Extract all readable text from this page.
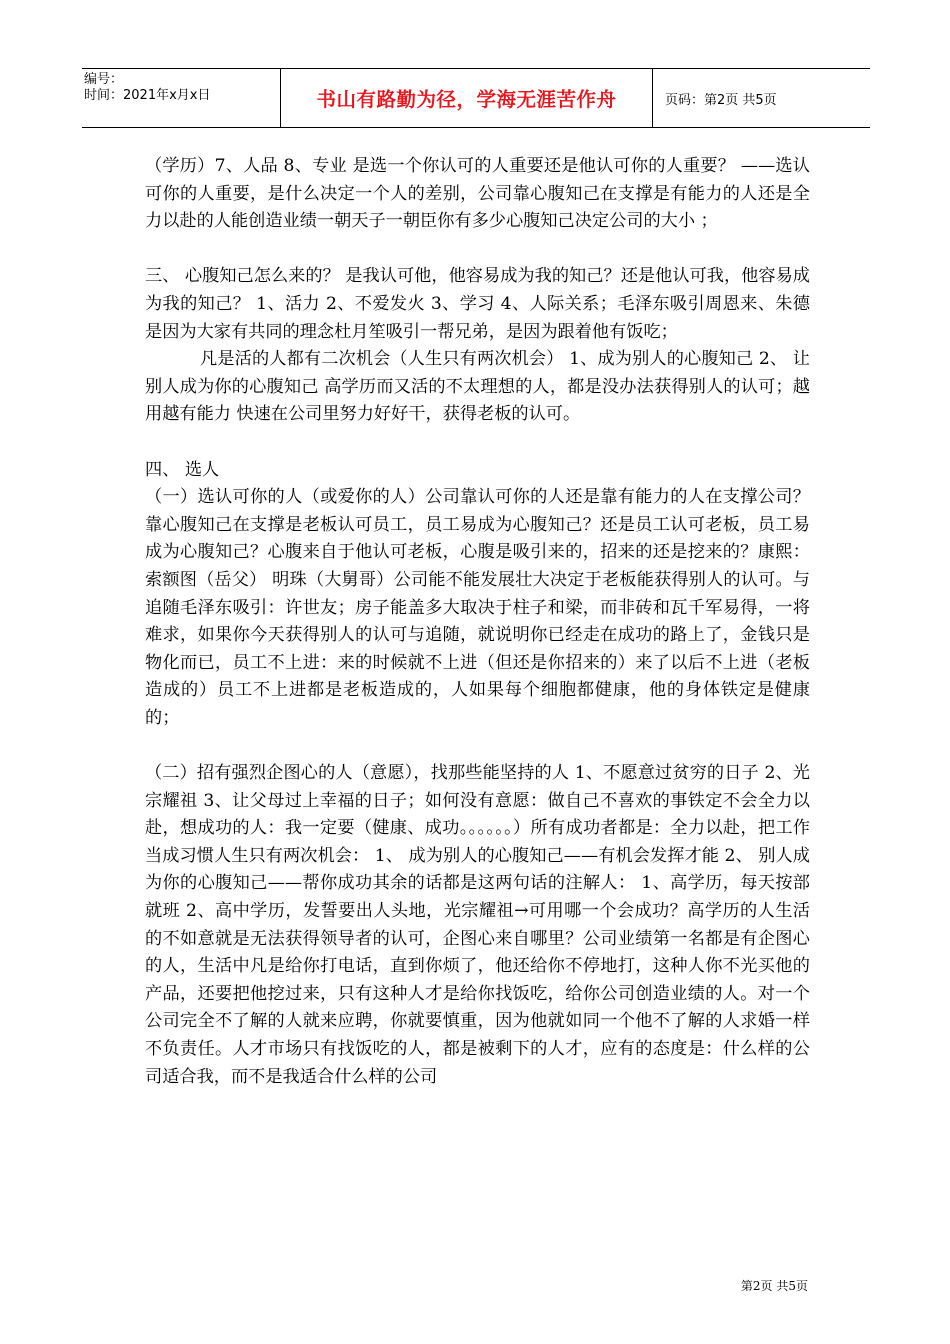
编号：
时间：2021年x月x日	书山有路勤为径，学海无涯苦作舟	页码：第2页 共5页

（学历）7、人品 8、专业 是选一个你认可的人重要还是他认可你的人重要？ ——选认可你的人重要，是什么决定一个人的差别，公司靠心腹知己在支撑是有能力的人还是全力以赴的人能创造业绩一朝天子一朝臣你有多少心腹知己决定公司的大小 ；

三、 心腹知己怎么来的？ 是我认可他，他容易成为我的知己？还是他认可我，他容易成为我的知己？ 1、活力 2、不爱发火 3、学习 4、人际关系；毛泽东吸引周恩来、朱德是因为大家有共同的理念杜月笙吸引一帮兄弟，是因为跟着他有饭吃；

凡是活的人都有二次机会（人生只有两次机会） 1、成为别人的心腹知己 2、 让别人成为你的心腹知己 高学历而又活的不太理想的人，都是没办法获得别人的认可；越用越有能力 快速在公司里努力好好干，获得老板的认可。

四、 选人

（一）选认可你的人（或爱你的人）公司靠认可你的人还是靠有能力的人在支撑公司？靠心腹知己在支撑是老板认可员工，员工易成为心腹知己？还是员工认可老板，员工易成为心腹知己？心腹来自于他认可老板，心腹是吸引来的，招来的还是挖来的？康熙：索额图（岳父） 明珠（大舅哥）公司能不能发展壮大决定于老板能获得别人的认可。与追随毛泽东吸引：许世友；房子能盖多大取决于柱子和梁，而非砖和瓦千军易得，一将难求，如果你今天获得别人的认可与追随，就说明你已经走在成功的路上了，金钱只是物化而已，员工不上进：来的时候就不上进（但还是你招来的）来了以后不上进（老板造成的）员工不上进都是老板造成的，人如果每个细胞都健康，他的身体铁定是健康的；

（二）招有强烈企图心的人（意愿），找那些能坚持的人 1、不愿意过贫穷的日子 2、光宗耀祖 3、让父母过上幸福的日子；如何没有意愿：做自己不喜欢的事铁定不会全力以赴，想成功的人：我一定要（健康、成功。。。。。。）所有成功者都是：全力以赴，把工作当成习惯人生只有两次机会： 1、 成为别人的心腹知己——有机会发挥才能 2、 别人成为你的心腹知己——帮你成功其余的话都是这两句话的注解人： 1、高学历，每天按部就班 2、高中学历，发誓要出人头地，光宗耀祖→可用哪一个会成功？高学历的人生活的不如意就是无法获得领导者的认可，企图心来自哪里？公司业绩第一名都是有企图心的人，生活中凡是给你打电话，直到你烦了，他还给你不停地打，这种人你不光买他的产品，还要把他挖过来，只有这种人才是给你找饭吃，给你公司创造业绩的人。对一个公司完全不了解的人就来应聘，你就要慎重，因为他就如同一个他不了解的人求婚一样不负责任。人才市场只有找饭吃的人，都是被剩下的人才，应有的态度是：什么样的公司适合我，而不是我适合什么样的公司

第2页 共5页
